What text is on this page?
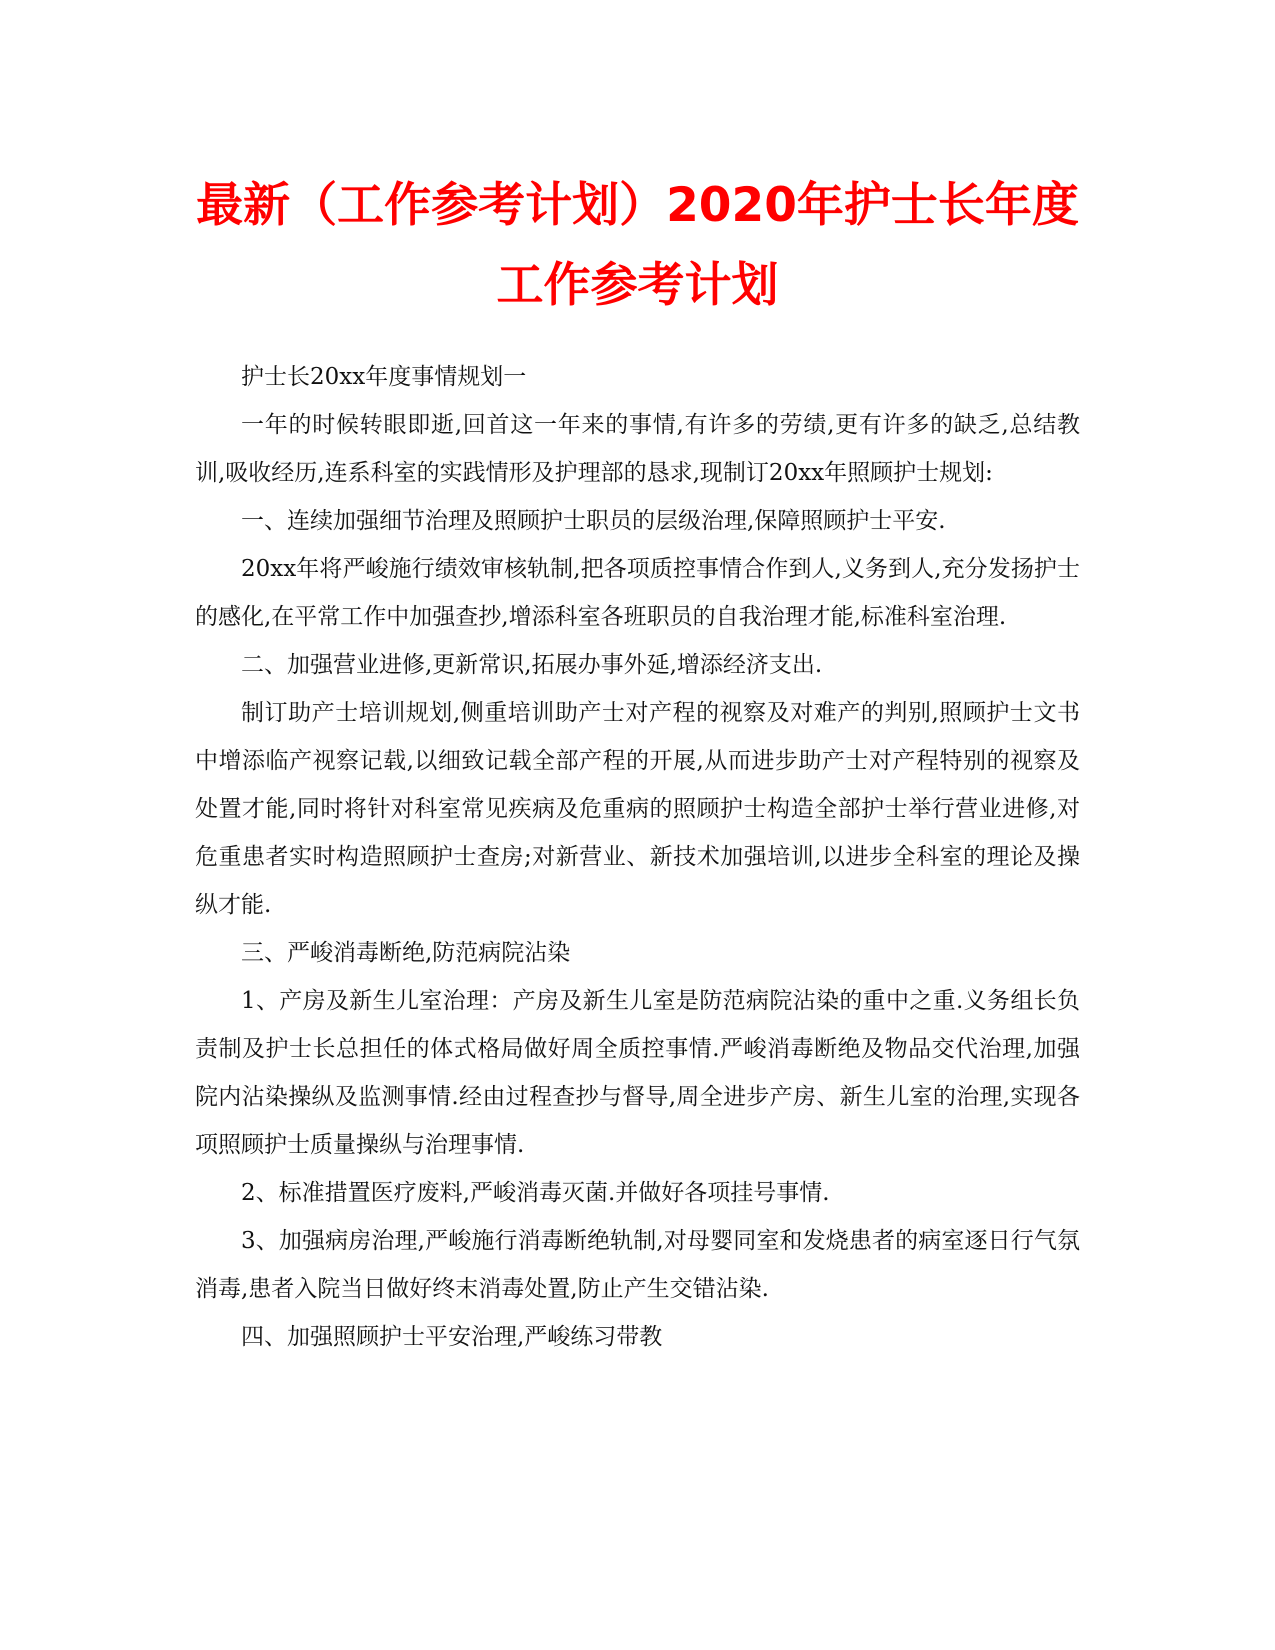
最新（工作参考计划）2020年护士长年度
工作参考计划

护士长20xx年度事情规划一

一年的时候转眼即逝,回首这一年来的事情,有许多的劳绩,更有许多的缺乏,总结教训,吸收经历,连系科室的实践情形及护理部的恳求,现制订20xx年照顾护士规划:

一、连续加强细节治理及照顾护士职员的层级治理,保障照顾护士平安.

20xx年将严峻施行绩效审核轨制,把各项质控事情合作到人,义务到人,充分发扬护士的感化,在平常工作中加强查抄,增添科室各班职员的自我治理才能,标准科室治理.

二、加强营业进修,更新常识,拓展办事外延,增添经济支出.

制订助产士培训规划,侧重培训助产士对产程的视察及对难产的判别,照顾护士文书中增添临产视察记载,以细致记载全部产程的开展,从而进步助产士对产程特别的视察及处置才能,同时将针对科室常见疾病及危重病的照顾护士构造全部护士举行营业进修,对危重患者实时构造照顾护士查房;对新营业、新技术加强培训,以进步全科室的理论及操纵才能.

三、严峻消毒断绝,防范病院沾染

1、产房及新生儿室治理：产房及新生儿室是防范病院沾染的重中之重.义务组长负责制及护士长总担任的体式格局做好周全质控事情.严峻消毒断绝及物品交代治理,加强院内沾染操纵及监测事情.经由过程查抄与督导,周全进步产房、新生儿室的治理,实现各项照顾护士质量操纵与治理事情.

2、标准措置医疗废料,严峻消毒灭菌.并做好各项挂号事情.

3、加强病房治理,严峻施行消毒断绝轨制,对母婴同室和发烧患者的病室逐日行气氛消毒,患者入院当日做好终末消毒处置,防止产生交错沾染.

四、加强照顾护士平安治理,严峻练习带教
